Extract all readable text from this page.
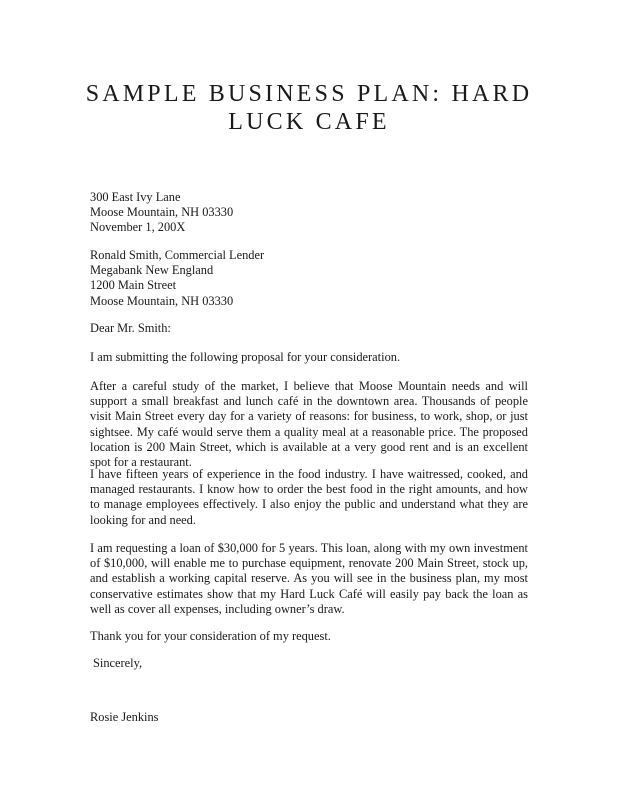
SAMPLE BUSINESS PLAN: HARD
LUCK CAFE
300 East Ivy Lane
Moose Mountain, NH 03330
November 1, 200X
Ronald Smith, Commercial Lender
Megabank New England
1200 Main Street
Moose Mountain, NH 03330
Dear Mr. Smith:

I am submitting the following proposal for your consideration.

After a careful study of the market, I believe that Moose Mountain needs and will support a small breakfast and lunch café in the downtown area. Thousands of people visit Main Street every day for a variety of reasons: for business, to work, shop, or just sightsee. My café would serve them a quality meal at a reasonable price. The proposed location is 200 Main Street, which is available at a very good rent and is an excellent spot for a restaurant.

I have fifteen years of experience in the food industry. I have waitressed, cooked, and managed restaurants. I know how to order the best food in the right amounts, and how to manage employees effectively. I also enjoy the public and understand what they are looking for and need.

I am requesting a loan of $30,000 for 5 years. This loan, along with my own investment of $10,000, will enable me to purchase equipment, renovate 200 Main Street, stock up, and establish a working capital reserve. As you will see in the business plan, my most conservative estimates show that my Hard Luck Café will easily pay back the loan as well as cover all expenses, including owner’s draw.

Thank you for your consideration of my request.

Sincerely,
Rosie Jenkins
